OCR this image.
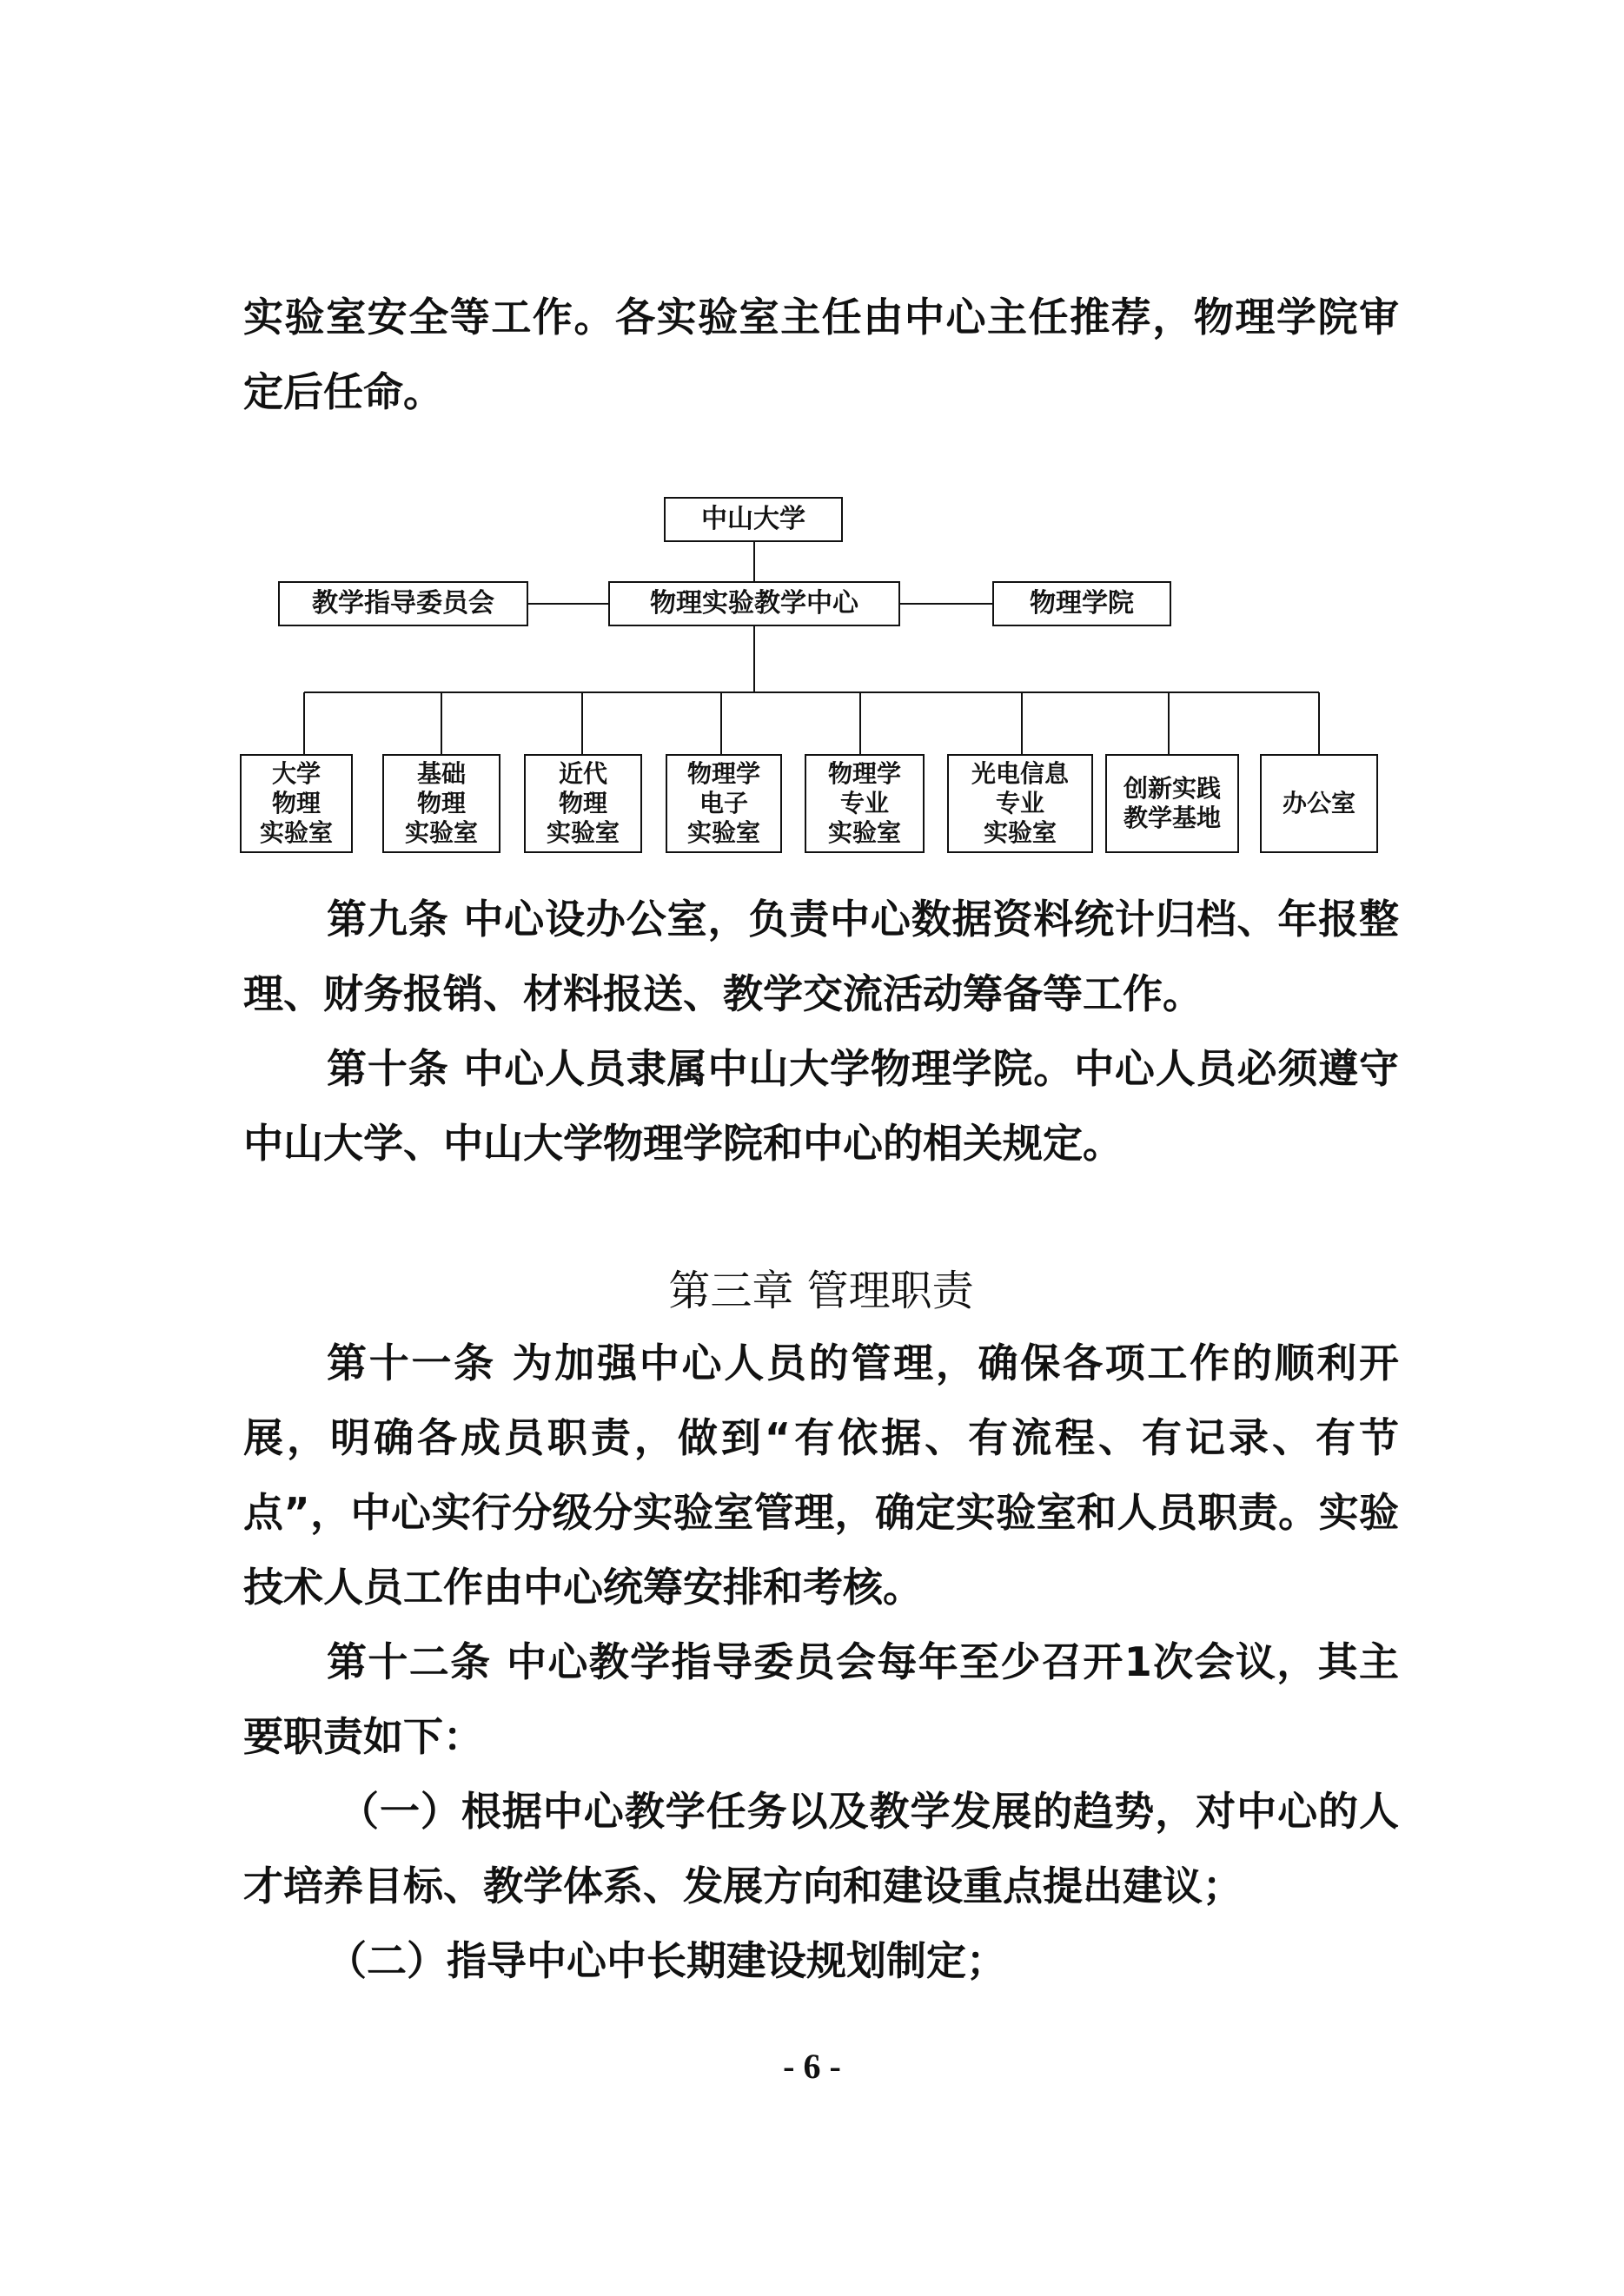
实验室安全等工作。各实验室主任由中心主任推荐，物理学院审定后任命。
中山大学
教学指导委员会	物理实验教学中心	物理学院
大学
物理
实验室
基础
物理
实验室
近代
物理
实验室
物理学
电子
实验室
物理学
专业
实验室
光电信息
专业
实验室
创新实践
教学基地
办公室
第九条 中心设办公室，负责中心数据资料统计归档、年报整理、财务报销、材料报送、教学交流活动筹备等工作。
第十条 中心人员隶属中山大学物理学院。中心人员必须遵守中山大学、中山大学物理学院和中心的相关规定。
第三章 管理职责
第十一条 为加强中心人员的管理，确保各项工作的顺利开展，明确各成员职责，做到“有依据、有流程、有记录、有节点”，中心实行分级分实验室管理，确定实验室和人员职责。实验技术人员工作由中心统筹安排和考核。
第十二条 中心教学指导委员会每年至少召开1次会议，其主要职责如下：
（一）根据中心教学任务以及教学发展的趋势，对中心的人才培养目标、教学体系、发展方向和建设重点提出建议；
（二）指导中心中长期建设规划制定；
- 6 -
